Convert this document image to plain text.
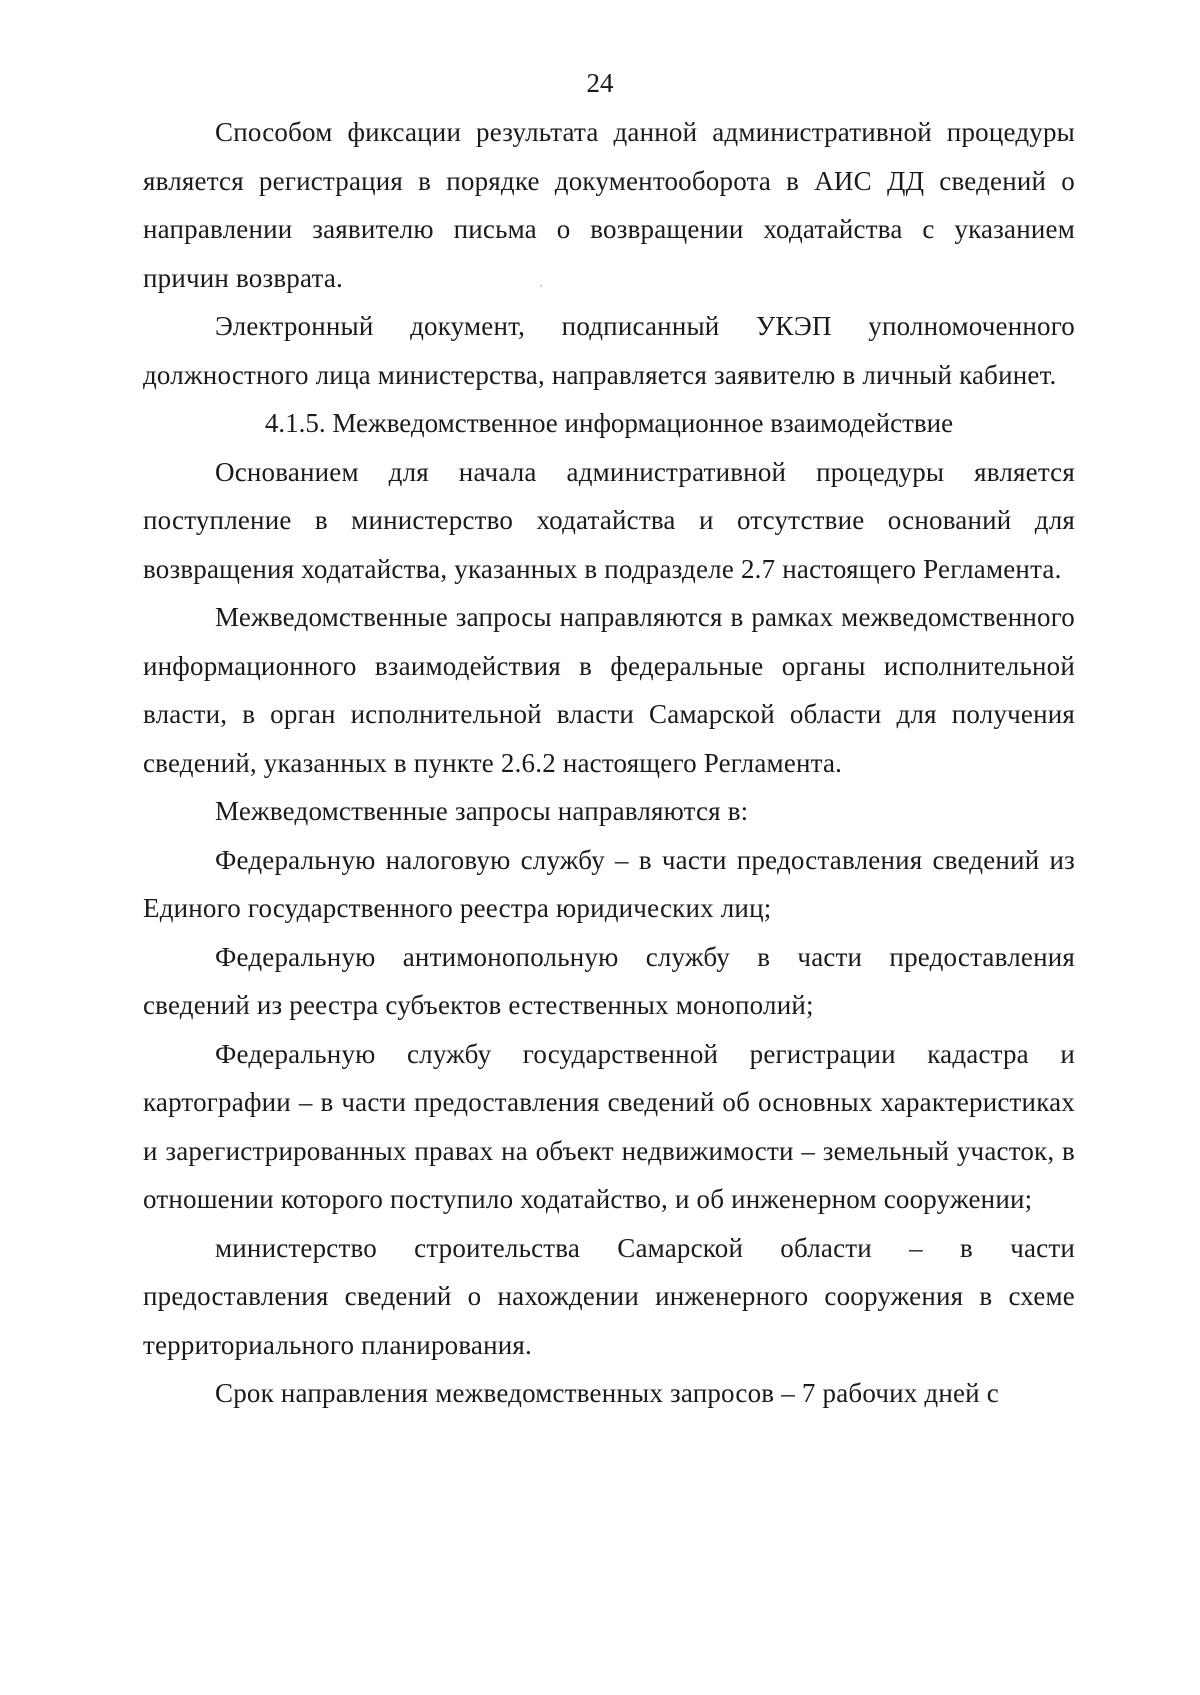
24

Способом фиксации результата данной административной процедуры является регистрация в порядке документооборота в АИС ДД сведений о направлении заявителю письма о возвращении ходатайства с указанием причин возврата.

Электронный документ, подписанный УКЭП уполномоченного должностного лица министерства, направляется заявителю в личный кабинет.

4.1.5. Межведомственное информационное взаимодействие

Основанием для начала административной процедуры является поступление в министерство ходатайства и отсутствие оснований для возвращения ходатайства, указанных в подразделе 2.7 настоящего Регламента.

Межведомственные запросы направляются в рамках межведомственного информационного взаимодействия в федеральные органы исполнительной власти, в орган исполнительной власти Самарской области для получения сведений, указанных в пункте 2.6.2 настоящего Регламента.

Межведомственные запросы направляются в:

Федеральную налоговую службу – в части предоставления сведений из Единого государственного реестра юридических лиц;

Федеральную антимонопольную службу в части предоставления сведений из реестра субъектов естественных монополий;

Федеральную службу государственной регистрации кадастра и картографии – в части предоставления сведений об основных характеристиках и зарегистрированных правах на объект недвижимости – земельный участок, в отношении которого поступило ходатайство, и об инженерном сооружении;

министерство строительства Самарской области – в части предоставления сведений о нахождении инженерного сооружения в схеме территориального планирования.

Срок направления межведомственных запросов – 7 рабочих дней с
